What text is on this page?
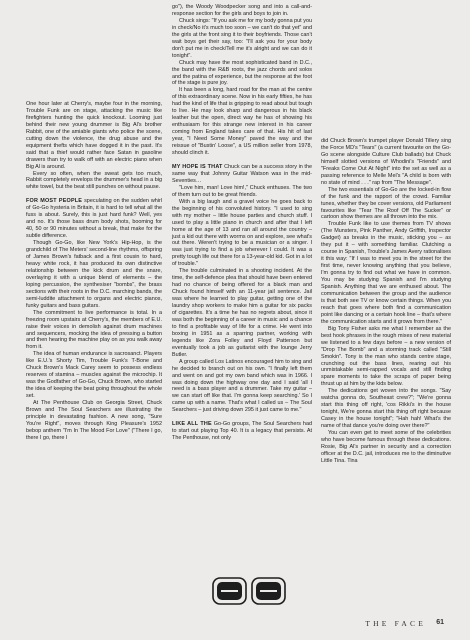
One hour later at Cherry's, maybe four in the morning, Trouble Funk are on stage, attacking the music like firefighters hunting the quick knockout. Looming just behind their new young drummer is Big Al's brother Rabbit, one of the amiable giants who police the scene, cutting down the violence, the drug abuse and the equipment thefts which have dogged it in the past. It's said that a thief would rather face Satan in gasoline drawers than try to walk off with an electric piano when Big Al is around.

Every so often, when the sweat gets too much, Rabbit completely envelops the drummer's head in a big white towel, but the beat still punches on without pause.

FOR MOST PEOPLE speculating on the sudden whirl of Go-Go hysteria in Britain, it is hard to tell what all the fuss is about. Surely, this is just hard funk? Well, yes and no. It's those bass drum body shots, booming for 40, 50 or 90 minutes without a break, that make for the subtle difference.

Though Go-Go, like New York's Hip-Hop, is the grandchild of The Meters' second-line rhythms, offspring of James Brown's fatback and a first cousin to hard, heavy white rock, it has produced its own distinctive relationship between the kick drum and the snare, overlaying it with a unique blend of elements – the loping percussion, the synthesiser "bombs", the brass sections with their roots in the D.C. marching bands, the semi-luddite attachment to organs and electric pianos, funky guitars and bass guitars.

The commitment to live performance is total. In a freezing room upstairs at Cherry's, the members of E.U. raise their voices in demolish against drum machines and sequencers, mocking the idea of pressing a button and then hearing the machine play on as you walk away from it.

The idea of human endurance is sacrosanct. Players like E.U.'s Shorty Tim, Trouble Funk's T-Bone and Chuck Brown's Mack Carey seem to possess endless reserves of stamina – muscles against the microchip. It was the Godfather of Go-Go, Chuck Brown, who started the idea of keeping the beat going throughout the whole set.

At The Penthouse Club on Georgia Street, Chuck Brown and The Soul Searchers are illustrating the principle in devastating fashion. A new song, "Sure You're Right", moves through King Pleasure's 1952 bebop anthem "I'm In The Mood For Love" ("There I go, there I go, there I

go"), the Woody Woodpecker song and into a call-and-response section for the girls and boys to join in.

Chuck sings: "If you ask me for my body gonna put you in check/No it's much too soon – we can't do that yet" and the girls at the front sing it to their boyfriends. Those can't wait boys get their say, too: "I'll ask you for your body don't put me in check/Tell me it's alright and we can do it tonight".

Chuck may have the most sophisticated band in D.C., the band with the R&B roots, the jazz chords and solos and the patina of experience, but the response at the foot of the stage is pure joy.

It has been a long, hard road for the man at the centre of this extraordinary scene. Now in his early fifties, he has had the kind of life that is gripping to read about but tough to live. He may look sharp and dangerous in his black leather but the open, direct way he has of showing his enthusiasm for this strange new interest in his career coming from England takes care of that. His hit of last year, "I Need Some Money" paved the way and the reissue of "Bustin' Loose", a US million seller from 1978, should clinch it.

MY HOPE IS THAT Chuck can be a success story in the same way that Johnny Guitar Watson was in the mid-Seventies…

"Love him, man! Love him!," Chuck enthuses. The two of them turn out to be great friends.

With a big laugh and a gravel voice he goes back to the beginning of his convoluted history. "I used to sing with my mother – little house parties and church stuff. I used to play a little piano in church and after that I left home at the age of 13 and ran all around the country – just a kid out there with worms on and explore, see what's out there. Weren't trying to be a musician or a singer. I was just trying to find a job wherever I could. It was a pretty tough life out there for a 13-year-old kid. Got in a lot of trouble."

The trouble culminated in a shooting incident. At the time, the self-defence plea that should have been entered had no chance of being offered for a black man and Chuck found himself with an 11-year jail sentence. Jail was where he learned to play guitar, getting one of the laundry shop workers to make him a guitar for six packs of cigarettes. It's a time he has no regrets about, since it was both the beginning of a career in music and a chance to find a profitable way of life for a crime. He went into boxing in 1951 as a sparring partner, working with legends like Zora Folley and Floyd Patterson but eventually took a job as guitarist with the lounge Jerry Butler.

A group called Los Latinos encouraged him to sing and he decided to branch out on his own. "I finally left them and went on and got my own band which was in 1966. I was doing down the highway one day and I said 'all I need is a bass player and a drummer. Take my guitar – we can start off like that. I'm gonna keep searching.' So I came up with a name. That's what I called us – The Soul Searchers – just driving down 295 it just came to me."

LIKE ALL THE Go-Go groups, The Soul Searchers had to start out playing Top 40. It is a legacy that persists. At The Penthouse, not only

did Chuck Brown's trumpet player Donald Tillery sing the Force MD's "Tears" (a current favourite on the Go-Go scene alongside Culture Club ballads) but Chuck himself slotted versions of Whodini's "Friends" and "Freaks Come Out At Night" into the set as well as a passing reference to Melle Mel's "A child is born with no state of mind . . ." rap from "The Message".

The two essentials of Go-Go are the locked-in flow of the funk and the rapport of the crowd. Familiar tunes, whether they be cover versions, old Parliament favourites like "Tear The Roof Off The Sucker" or cartoon show themes are all thrown into the mix.

Trouble Funk like to use themes from TV shows (The Munsters, Pink Panther, Andy Griffith, Inspector Gadget) as breaks in the music, sticking you – as they put it – with something familiar. Clutching a course in Spanish, Trouble's James Avery rationalises it this way: "If I was to meet you in the street for the first time, never knowing anything that you believe, I'm gonna try to find out what we have in common. You may be studying Spanish and I'm studying Spanish. Anything that we are enthused about. The communication between the group and the audience is that both see TV or know certain things. When you reach that goes where both find a communication point like dancing or a certain hook line – that's where the communication starts and it grows from there."

Big Tony Fisher asks me what I remember as the best hook phrases in the rough mixes of new material we listened to a few days before – a new version of "Drop The Bomb" and a storming track called "Still Smokin". Tony is the man who stands centre stage, crunching out the bass lines, rearing out his unmistakable semi-rapped vocals and still finding spare moments to take the scraps of paper being thrust up at him by the kids below.

The dedications get woven into the songs. "Say watcha gonna do, Southeast crew?"; "We're gonna start this thing off right, 'cos Rikki's in the house tonight, We're gonna start this thing off right because Casey in the house tonight"; "Hah hah! What's the name of that dance you're doing over there?"

You can even get to meet some of the celebrities who have become famous through these dedications. Rosie, Big Al's partner in security and a correction officer at the D.C. jail, introduces me to the diminutive Little Tina. Tina

THE FACE 61
